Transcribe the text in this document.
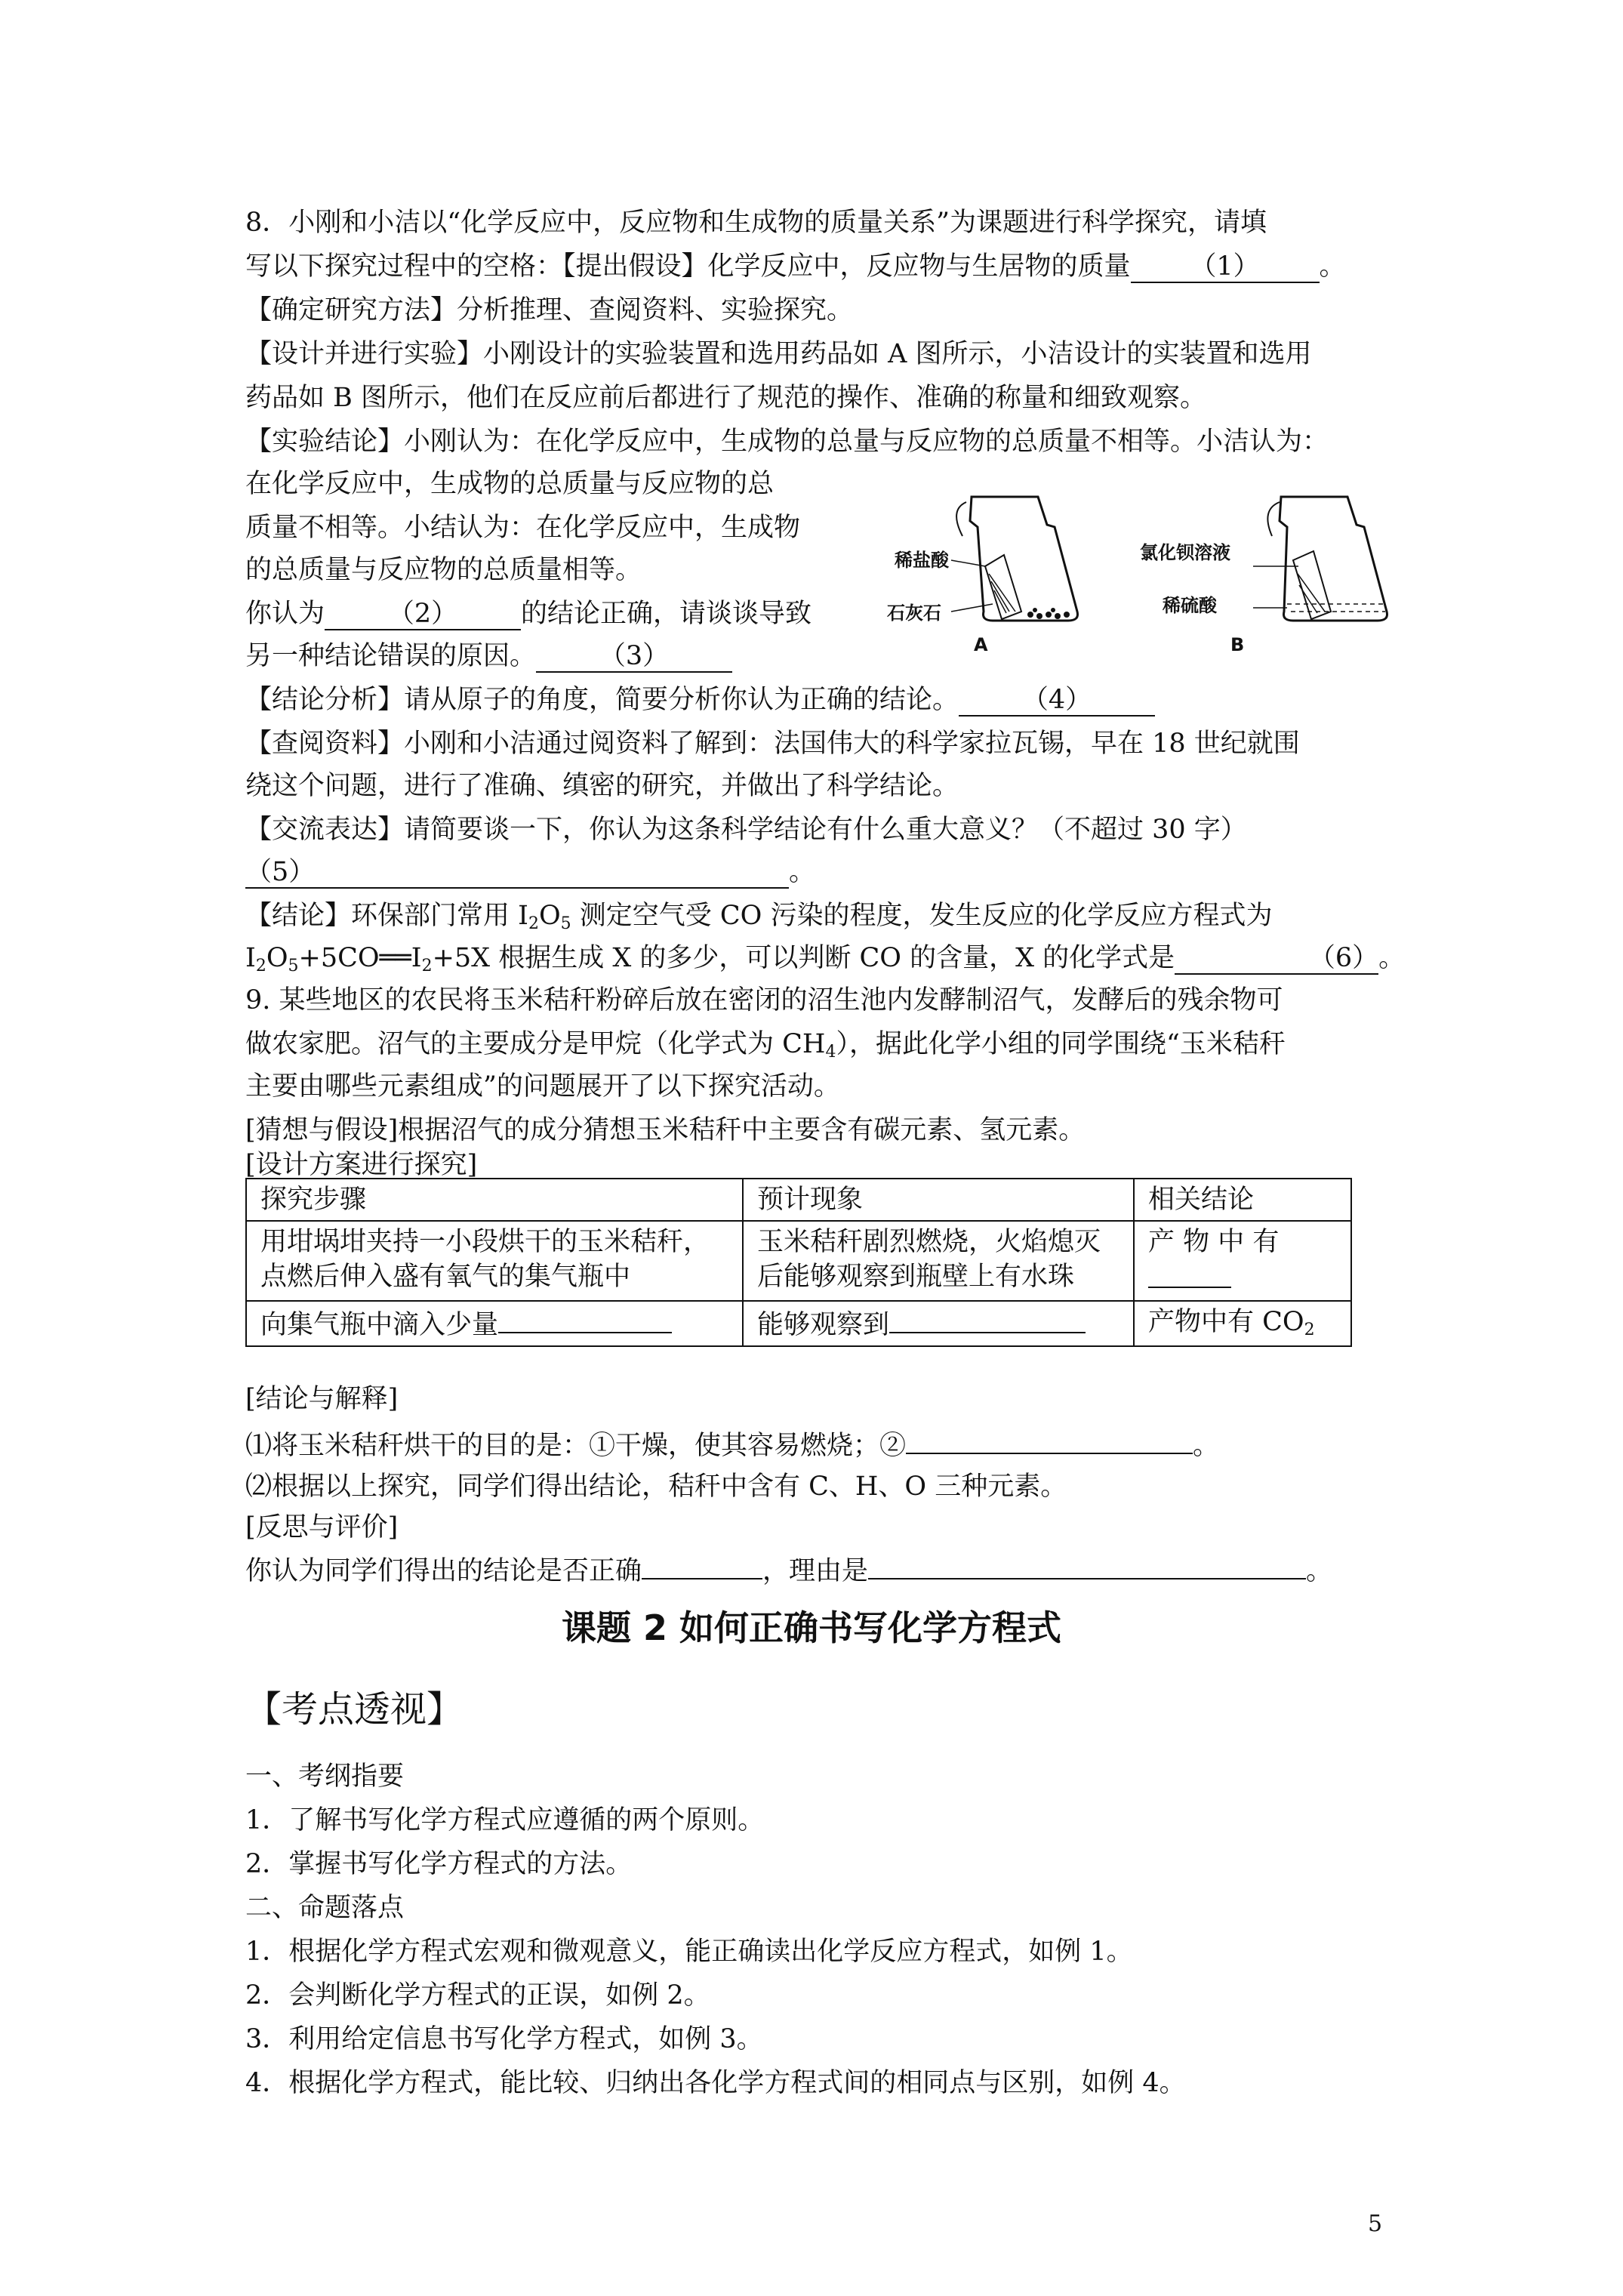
8．小刚和小洁以“化学反应中，反应物和生成物的质量关系”为课题进行科学探究，请填
写以下探究过程中的空格：【提出假设】化学反应中，反应物与生居物的质量 （1） 。
【确定研究方法】分析推理、查阅资料、实验探究。
【设计并进行实验】小刚设计的实验装置和选用药品如 A 图所示，小洁设计的实装置和选用
药品如 B 图所示，他们在反应前后都进行了规范的操作、准确的称量和细致观察。
【实验结论】小刚认为：在化学反应中，生成物的总量与反应物的总质量不相等。小洁认为：
在化学反应中，生成物的总质量与反应物的总
质量不相等。小结认为：在化学反应中，生成物
的总质量与反应物的总质量相等。
你认为 （2） 的结论正确，请谈谈导致
另一种结论错误的原因。 （3）
【结论分析】请从原子的角度，简要分析你认为正确的结论。 （4）
【查阅资料】小刚和小洁通过阅资料了解到：法国伟大的科学家拉瓦锡，早在 18 世纪就围
绕这个问题，进行了准确、缜密的研究，并做出了科学结论。
【交流表达】请简要谈一下，你认为这条科学结论有什么重大意义？（不超过 30 字）
（5）	。
【结论】环保部门常用 $I_2O_5$ 测定空气受 CO 污染的程度，发生反应的化学反应方程式为
$I_2O_5+5CO══I_2+5X$ 根据生成 X 的多少，可以判断 CO 的含量，X 的化学式是	（6）。
稀盐酸
石灰石
A
氯化钡溶液
稀硫酸
B
9. 某些地区的农民将玉米秸秆粉碎后放在密闭的沼生池内发酵制沼气，发酵后的残余物可
做农家肥。沼气的主要成分是甲烷（化学式为 $CH_4$），据此化学小组的同学围绕“玉米秸秆
主要由哪些元素组成”的问题展开了以下探究活动。
[猜想与假设]根据沼气的成分猜想玉米秸秆中主要含有碳元素、氢元素。
[设计方案进行探究]
探究步骤	预计现象	相关结论

用坩埚坩夹持一小段烘干的玉米秸秆，点燃后伸入盛有氧气的集气瓶中	玉米秸秆剧烈燃烧，火焰熄灭后能够观察到瓶壁上有水珠	产 物 中 有

向集气瓶中滴入少量	能够观察到	产物中有 $CO_2$
[结论与解释]
⑴将玉米秸秆烘干的目的是：①干燥，使其容易燃烧；②	。
⑵根据以上探究，同学们得出结论，秸秆中含有 C、H、O 三种元素。
[反思与评价]
你认为同学们得出的结论是否正确	，理由是	。
课题 2 如何正确书写化学方程式
【考点透视】
一、考纲指要
1．了解书写化学方程式应遵循的两个原则。
2．掌握书写化学方程式的方法。
二、命题落点
1．根据化学方程式宏观和微观意义，能正确读出化学反应方程式，如例 1。
2．会判断化学方程式的正误，如例 2。
3．利用给定信息书写化学方程式，如例 3。
4．根据化学方程式，能比较、归纳出各化学方程式间的相同点与区别，如例 4。
5
